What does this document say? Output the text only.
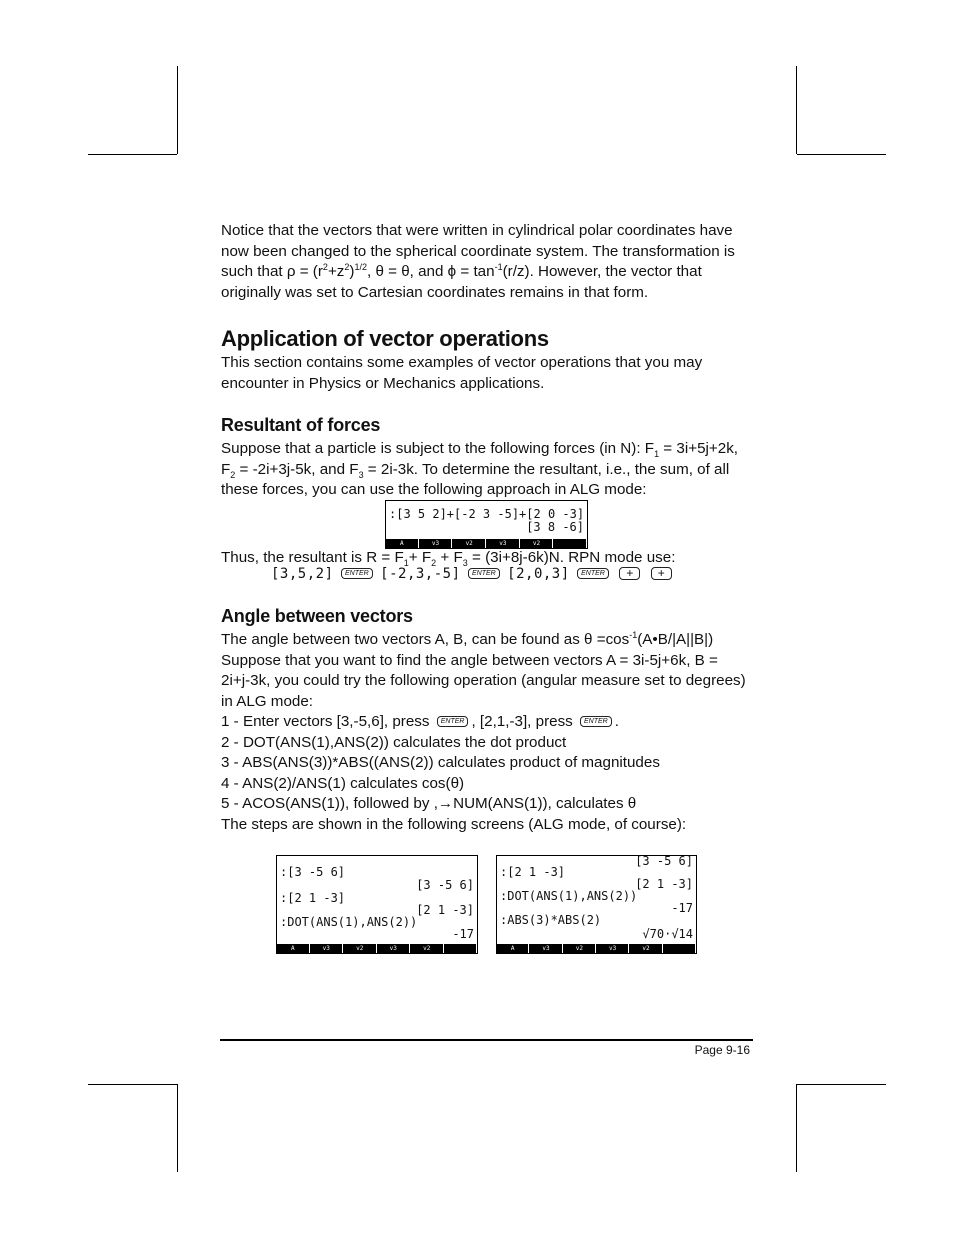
Notice that the vectors that were written in cylindrical polar coordinates have
now been changed to the spherical coordinate system. The transformation is
such that $\rho = (r^2+z^2)^{1/2}$, θ = θ, and $\phi = \tan^{-1}(r/z)$. However, the vector that
originally was set to Cartesian coordinates remains in that form.
Application of vector operations
This section contains some examples of vector operations that you may
encounter in Physics or Mechanics applications.
Resultant of forces
Suppose that a particle is subject to the following forces (in N): $F_1 = 3i+5j+2k$,
$F_2 = -2i+3j-5k$, and $F_3 = 2i-3k$. To determine the resultant, i.e., the sum, of all
these forces, you can use the following approach in ALG mode:
:[3 5 2]+[-2 3 -5]+[2 0 -3]
[3 8 -6]
A	v3	v2	v3	v2
Thus, the resultant is $R = F_1+ F_2 + F_3 = (3i+8j-6k)N$. RPN mode use:
[3,5,2] ENTER [-2,3,-5] ENTER [2,0,3] ENTER + +
Angle between vectors
The angle between two vectors A, B, can be found as $\theta =\cos^{-1}(A•B/|A||B|)$
Suppose that you want to find the angle between vectors A = 3i-5j+6k, B =
2i+j-3k, you could try the following operation (angular measure set to degrees)
in ALG mode:
1 - Enter vectors [3,-5,6], press ENTER , [2,1,-3], press ENTER .
2 - DOT(ANS(1),ANS(2)) calculates the dot product
3 - ABS(ANS(3))*ABS((ANS(2)) calculates product of magnitudes
4 - ANS(2)/ANS(1) calculates cos(θ)
5 - ACOS(ANS(1)), followed by ,→NUM(ANS(1)), calculates θ
The steps are shown in the following screens (ALG mode, of course):
:[3 -5 6]
[3 -5 6]
:[2 1 -3]
[2 1 -3]
:DOT(ANS(1),ANS(2))
-17
A	v3	v2	v3	v2
[3 -5 6]
:[2 1 -3]
[2 1 -3]
:DOT(ANS(1),ANS(2))
-17
:ABS(3)*ABS(2)
√70·√14
A	v3	v2	v3	v2
Page 9-16
